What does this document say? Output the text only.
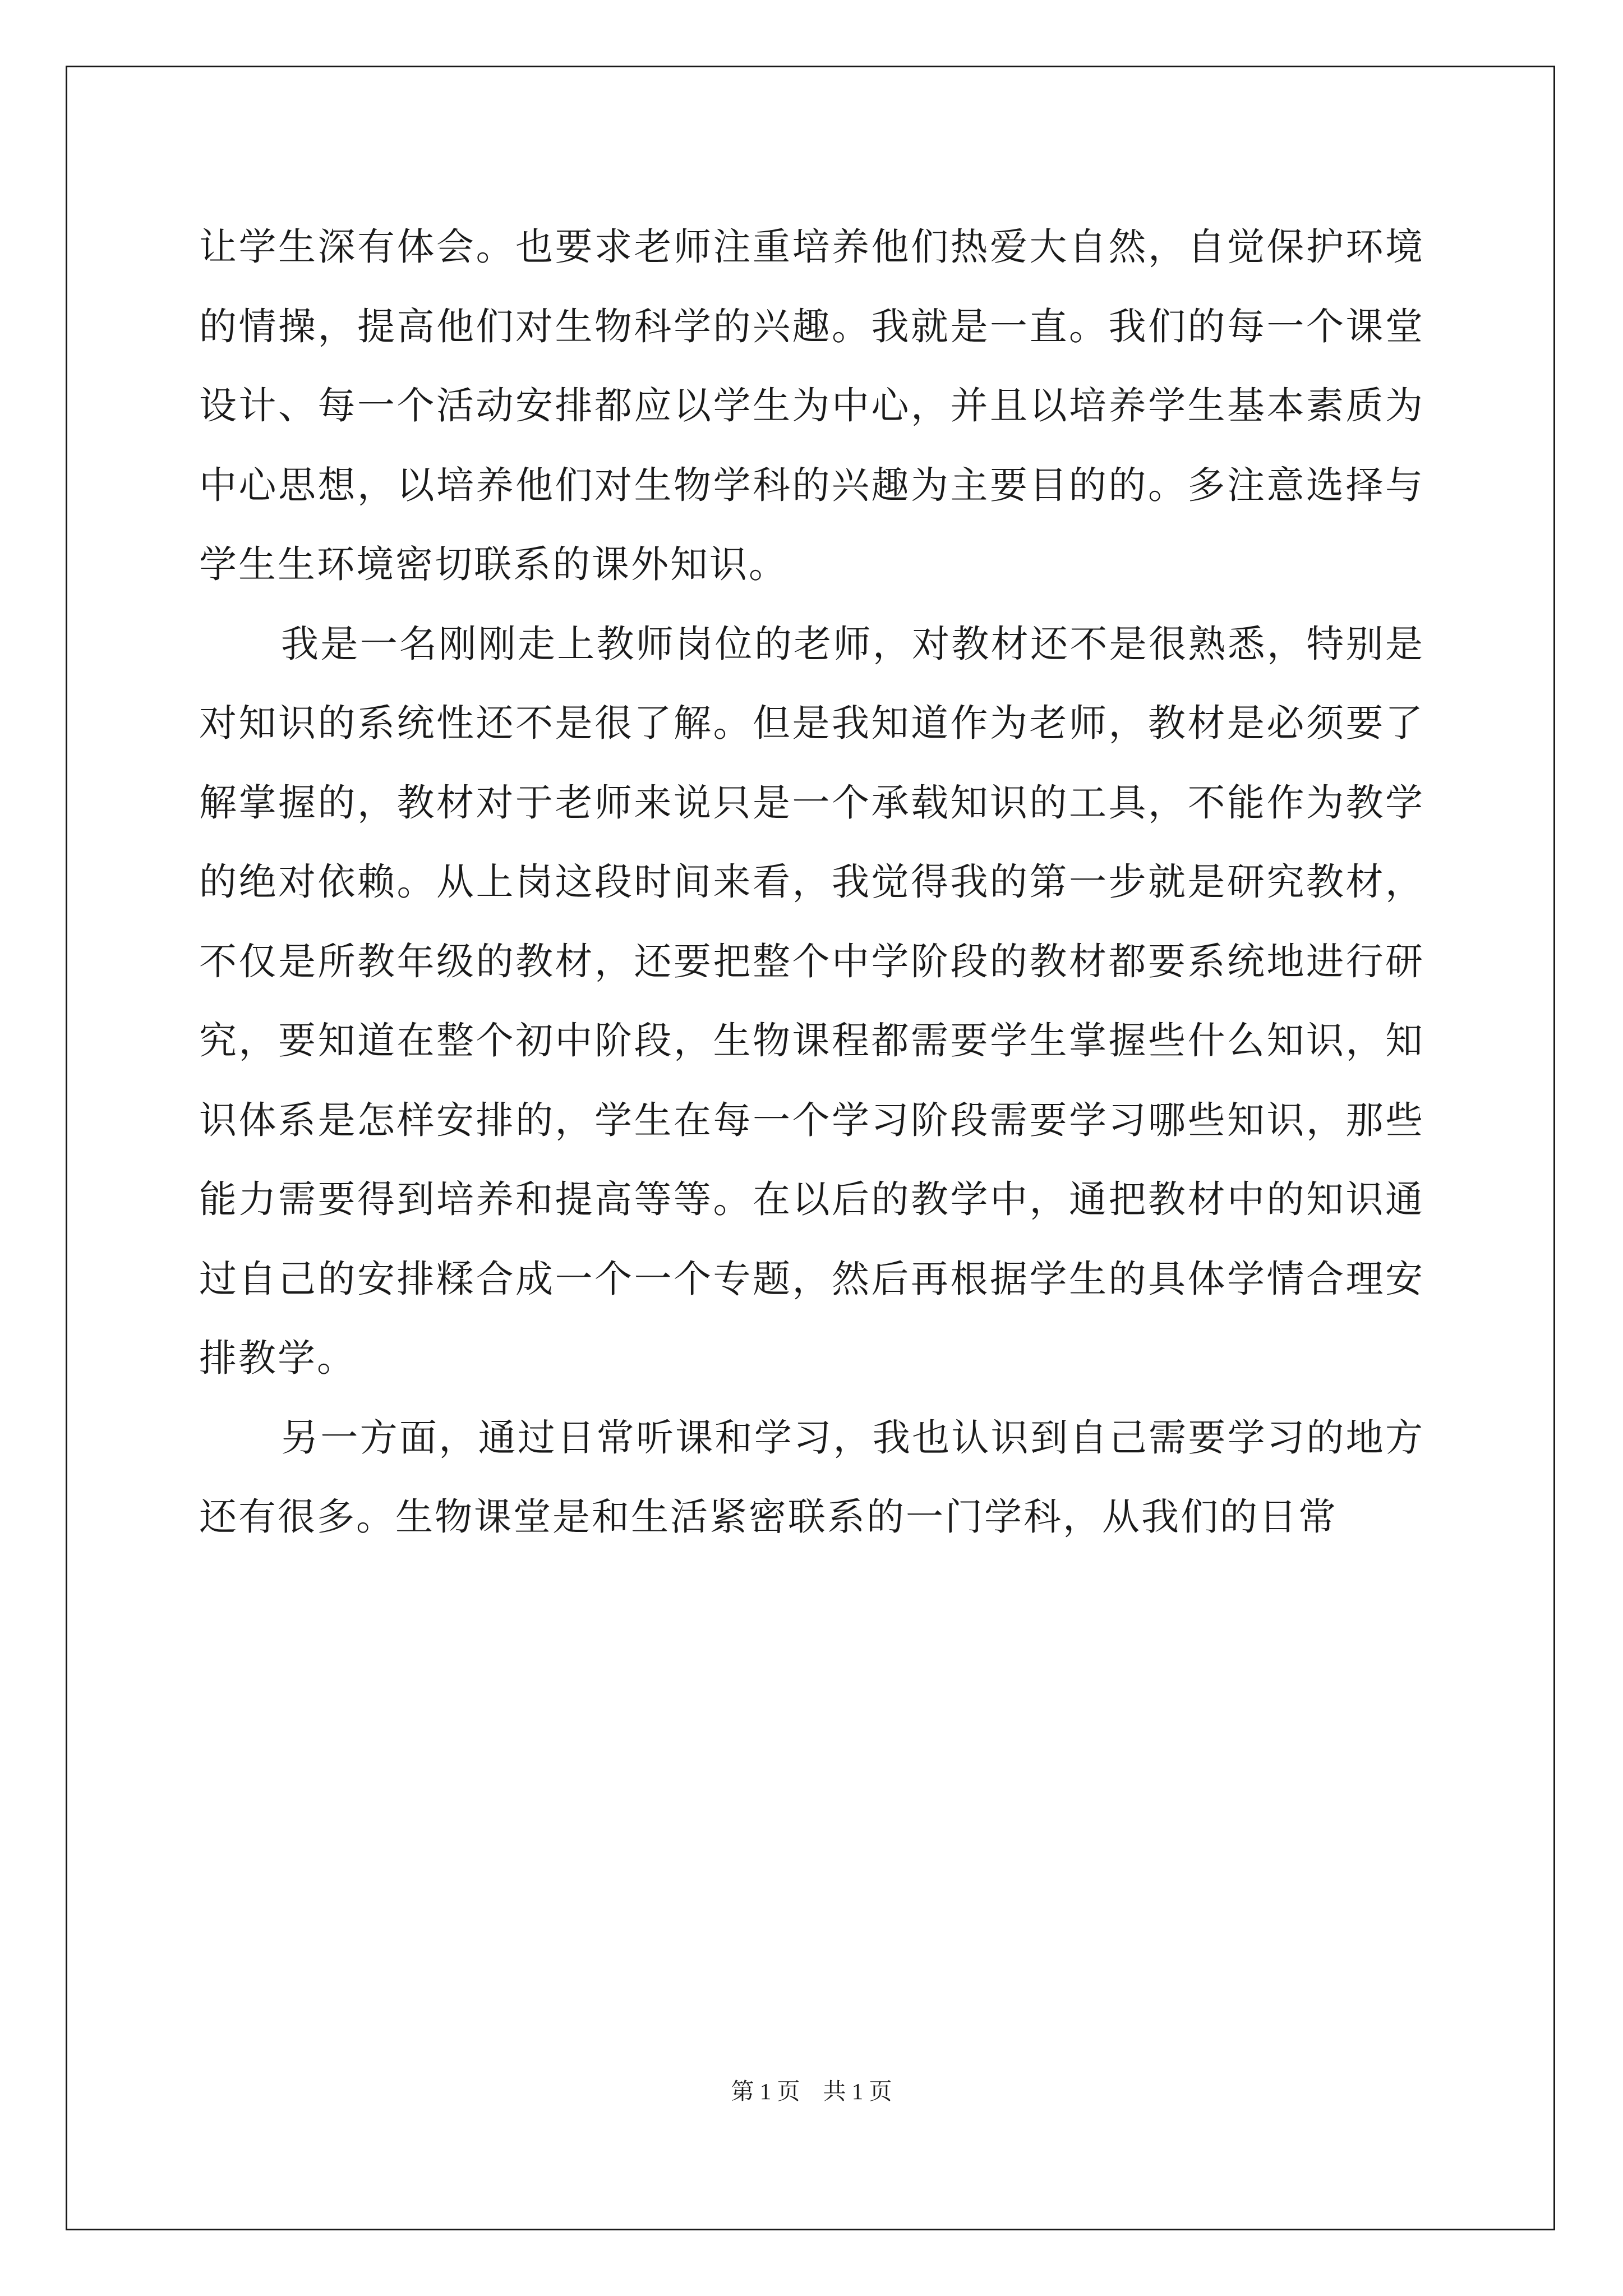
让学生深有体会。也要求老师注重培养他们热爱大自然，自觉保护环境的情操，提高他们对生物科学的兴趣。我就是一直。我们的每一个课堂设计、每一个活动安排都应以学生为中心，并且以培养学生基本素质为中心思想，以培养他们对生物学科的兴趣为主要目的的。多注意选择与学生生环境密切联系的课外知识。

我是一名刚刚走上教师岗位的老师，对教材还不是很熟悉，特别是对知识的系统性还不是很了解。但是我知道作为老师，教材是必须要了解掌握的，教材对于老师来说只是一个承载知识的工具，不能作为教学的绝对依赖。从上岗这段时间来看，我觉得我的第一步就是研究教材，不仅是所教年级的教材，还要把整个中学阶段的教材都要系统地进行研究，要知道在整个初中阶段，生物课程都需要学生掌握些什么知识，知识体系是怎样安排的，学生在每一个学习阶段需要学习哪些知识，那些能力需要得到培养和提高等等。在以后的教学中，通把教材中的知识通过自己的安排糅合成一个一个专题，然后再根据学生的具体学情合理安排教学。

另一方面，通过日常听课和学习，我也认识到自己需要学习的地方还有很多。生物课堂是和生活紧密联系的一门学科，从我们的日常

第 1 页    共 1 页
